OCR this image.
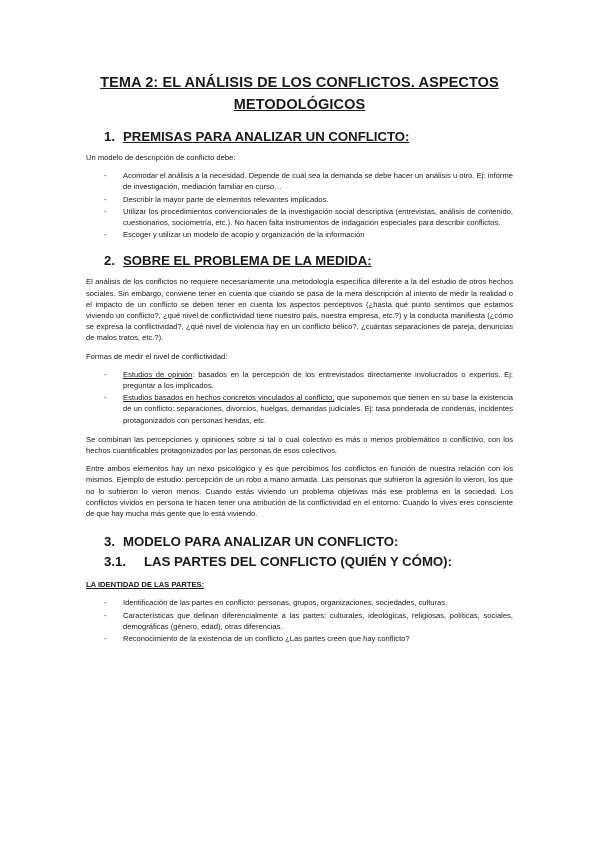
TEMA 2: EL ANÁLISIS DE LOS CONFLICTOS. ASPECTOS
METODOLÓGICOS
1. PREMISAS PARA ANALIZAR UN CONFLICTO:

Un modelo de descripción de conflicto debe:

- Acomodar el análisis a la necesidad. Depende de cuál sea la demanda se debe hacer un análisis u otro. Ej: informe de investigación, mediación familiar en curso…
- Describir la mayor parte de elementos relevantes implicados.
- Utilizar los procedimientos convencionales de la investigación social descriptiva (entrevistas, análisis de contenido, cuestionarios, sociometría, etc.). No hacen falta instrumentos de indagación especiales para describir conflictos.
- Escoger y utilizar un modelo de acopio y organización de la información
2. SOBRE EL PROBLEMA DE LA MEDIDA:

El análisis de los conflictos no requiere necesariamente una metodología específica diferente a la del estudio de otros hechos sociales. Sin embargo, conviene tener en cuenta que cuando se pasa de la mera descripción al intento de medir la realidad o el impacto de un conflicto se deben tener en cuenta los aspectos perceptivos (¿hasta qué punto sentimos que estamos viviendo un conflicto?, ¿qué nivel de conflictividad tiene nuestro país, nuestra empresa, etc.?) y la conducta manifiesta (¿cómo se expresa la conflictividad?, ¿qué nivel de violencia hay en un conflicto bélico?, ¿cuántas separaciones de pareja, denuncias de malos tratos, etc.?).

Formas de medir el nivel de conflictividad:

- Estudios de opinión: basados en la percepción de los entrevistados directamente involucrados o expertos. Ej: preguntar a los implicados.
- Estudios basados en hechos concretos vinculados al conflicto, que suponemos que tienen en su base la existencia de un conflicto: separaciones, divorcios, huelgas, demandas judiciales. Ej: tasa ponderada de condenas, incidentes protagonizados con personas heridas, etc.

Se combinan las percepciones y opiniones sobre si tal o cual colectivo es más o menos problemático o conflictivo, con los hechos cuantificables protagonizados por las personas de esos colectivos.

Entre ambos elementos hay un nexo psicológico y es que percibimos los conflictos en función de nuestra relación con los mismos. Ejemplo de estudio: percepción de un robo a mano armada. Las personas que sufrieron la agresión lo vieron, los que no lo sufrieron lo vieron menos. Cuando estás viviendo un problema objetivas más ese problema en la sociedad. Los conflictos vividos en persona te hacen tener una atribución de la conflictividad en el entorno. Cuando lo vives eres consciente de que hay mucha más gente que lo está viviendo.

3. MODELO PARA ANALIZAR UN CONFLICTO:
3.1. LAS PARTES DEL CONFLICTO (QUIÉN Y CÓMO):
LA IDENTIDAD DE LAS PARTES:
- Identificación de las partes en conflicto: personas, grupos, organizaciones, sociedades, culturas.
- Características que definan diferencialmente a las partes: culturales, ideológicas, religiosas, políticas, sociales, demográficas (género, edad), otras diferencias.
- Reconocimiento de la existencia de un conflicto ¿Las partes creen que hay conflicto?
